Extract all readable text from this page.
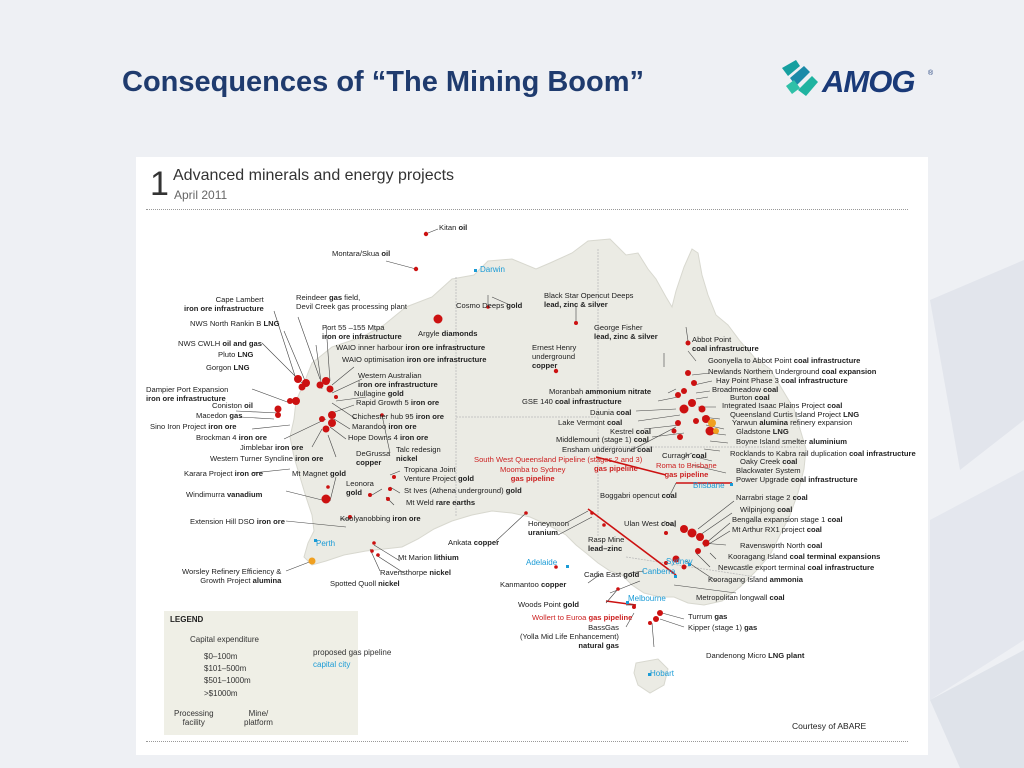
Consequences of “The Mining Boom”	AMOG ®
1 Advanced minerals and energy projects
April 2011
Darwin
Brisbane
Sydney
Canberra
Melbourne
Adelaide
Perth
Hobart
Kitan oil
Montara/Skua oil
Cape Lambert
iron ore infrastructure
Reindeer gas field,
Devil Creek gas processing plant	Cosmo Deeps gold
Black Star Opencut Deeps
lead, zinc & silver
NWS North Rankin B LNG	Port 55 –155 Mtpa
iron ore infrastructure Argyle diamonds
George Fisher
lead, zinc & silver
Ernest Henry
underground
copper
Abbot Point
coal infrastructure
NWS CWLH oil and gas
Pluto LNG
Gorgon LNG
Dampier Port Expansion
iron ore infrastructure
Coniston oil
Macedon gas
Sino Iron Project iron ore
Brockman 4 iron ore
Jimblebar iron ore
Western Turner Syncline iron ore
WAIO inner harbour iron ore infrastructure
WAIO optimisation iron ore infrastructure
Western Australian
iron ore infrastructure
Nullagine gold
Rapid Growth 5 iron ore
Chichester hub 95 iron ore
Marandoo iron ore
Hope Downs 4 iron ore
DeGrussa
copper
Talc redesign
nickel
Moranbah ammonium nitrate
GSE 140 coal infrastructure
Daunia coal
Lake Vermont coal
Kestrel coal
Middlemount (stage 1) coal
Ensham underground coal
Curragh coal
South West Queensland Pipeline (stages 2 and 3)
gas pipeline
Moomba to Sydney
gas pipeline
Roma to Brisbane
gas pipeline
Goonyella to Abbot Point coal infrastructure
Newlands Northern Underground coal expansion
Hay Point Phase 3 coal infrastructure
Broadmeadow coal
Burton coal
Integrated Isaac Plains Project coal
Queensland Curtis Island Project LNG
Yarwun alumina refinery expansion
Gladstone LNG
Boyne Island smelter aluminium
Rocklands to Kabra rail duplication coal infrastructure
Oaky Creek coal
Blackwater System
Power Upgrade coal infrastructure
Karara Project iron ore	Mt Magnet gold	Tropicana Joint
Venture Project gold
Leonora
gold	St Ives (Athena underground) gold
Mt Weld rare earths
Windimurra vanadium
Koolyanobbing iron ore
Extension Hill DSO iron ore
Mt Marion lithium
Ravensthorpe nickel
Spotted Quoll nickel
Worsley Refinery Efficiency &
Growth Project alumina
Boggabri opencut coal	Narrabri stage 2 coal
Wilpinjong coal
Bengalla expansion stage 1 coal
Mt Arthur RX1 project coal
Ulan West coal
Ravensworth North coal
Kooragang Island coal terminal expansions
Newcastle export terminal coal infrastructure
Kooragang Island ammonia
Metropolitan longwall coal
Honeymoon
uranium
Rasp Mine
lead–zinc
Ankata copper
Cadia East gold
Kanmantoo copper
Woods Point gold
Wollert to Euroa gas pipeline	Turrum gas
Kipper (stage 1) gas
BassGas
(Yolla Mid Life Enhancement)
natural gas
Dandenong Micro LNG plant
LEGEND
Capital expenditure
$0–100m
$101–500m
$501–1000m
>$1000m
Processing
facility
Mine/
platform
proposed gas pipeline
capital city
Courtesy of ABARE
